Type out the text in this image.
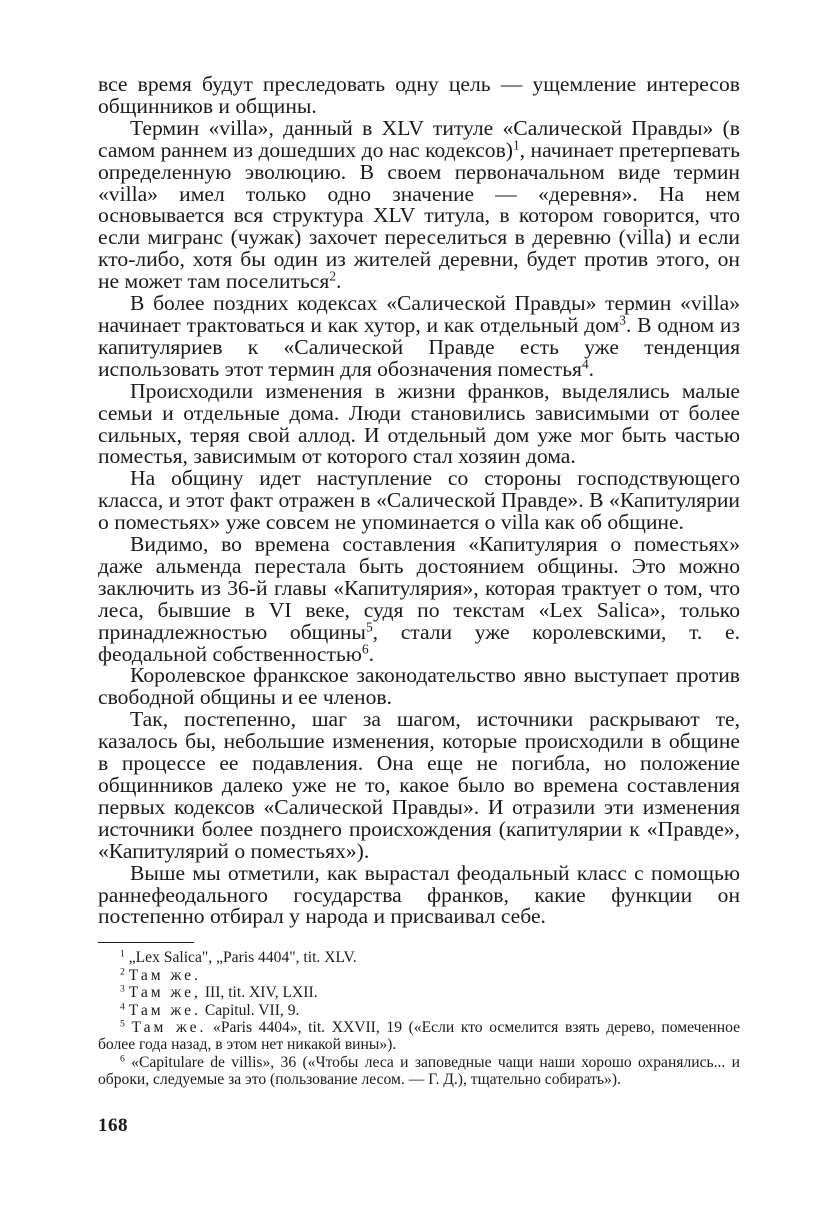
все время будут преследовать одну цель — ущемление интересов общинников и общины.

Термин «villa», данный в XLV титуле «Салической Правды» (в самом раннем из дошедших до нас кодексов)$^1$, начинает претерпевать определенную эволюцию. В своем первоначальном виде термин «villa» имел только одно значение — «деревня». На нем основывается вся структура XLV титула, в котором говорится, что если мигранс (чужак) захочет переселиться в деревню (villa) и если кто-либо, хотя бы один из жителей деревни, будет против этого, он не может там поселиться$^2$.

В более поздних кодексах «Салической Правды» термин «villa» начинает трактоваться и как хутор, и как отдельный дом$^3$. В одном из капитуляриев к «Салической Правде есть уже тенденция использовать этот термин для обозначения поместья$^4$.

Происходили изменения в жизни франков, выделялись малые семьи и отдельные дома. Люди становились зависимыми от более сильных, теряя свой аллод. И отдельный дом уже мог быть частью поместья, зависимым от которого стал хозяин дома.

На общину идет наступление со стороны господствующего класса, и этот факт отражен в «Салической Правде». В «Капитулярии о поместьях» уже совсем не упоминается о villa как об общине.

Видимо, во времена составления «Капитулярия о поместьях» даже альменда перестала быть достоянием общины. Это можно заключить из 36-й главы «Капитулярия», которая трактует о том, что леса, бывшие в VI веке, судя по текстам «Lex Salica», только принадлежностью общины$^5$, стали уже королевскими, т. е. феодальной собственностью$^6$.

Королевское франкское законодательство явно выступает против свободной общины и ее членов.

Так, постепенно, шаг за шагом, источники раскрывают те, казалось бы, небольшие изменения, которые происходили в общине в процессе ее подавления. Она еще не погибла, но положение общинников далеко уже не то, какое было во времена составления первых кодексов «Салической Правды». И отразили эти изменения источники более позднего происхождения (капитулярии к «Правде», «Капитулярий о поместьях»).

Выше мы отметили, как вырастал феодальный класс с помощью раннефеодального государства франков, какие функции он постепенно отбирал у народа и присваивал себе.

$^1$ „Lex Salica", „Paris 4404", tit. XLV.

$^2$ Там же.

$^3$ Там же, III, tit. XIV, LXII.

$^4$ Там же. Capitul. VII, 9.

$^5$ Там же. «Paris 4404», tit. XXVII, 19 («Если кто осмелится взять дерево, помеченное более года назад, в этом нет никакой вины»).

$^6$ «Capitulare de villis», 36 («Чтобы леса и заповедные чащи наши хорошо охранялись... и оброки, следуемые за это (пользование лесом. — Г. Д.), тщательно собирать»).

168
